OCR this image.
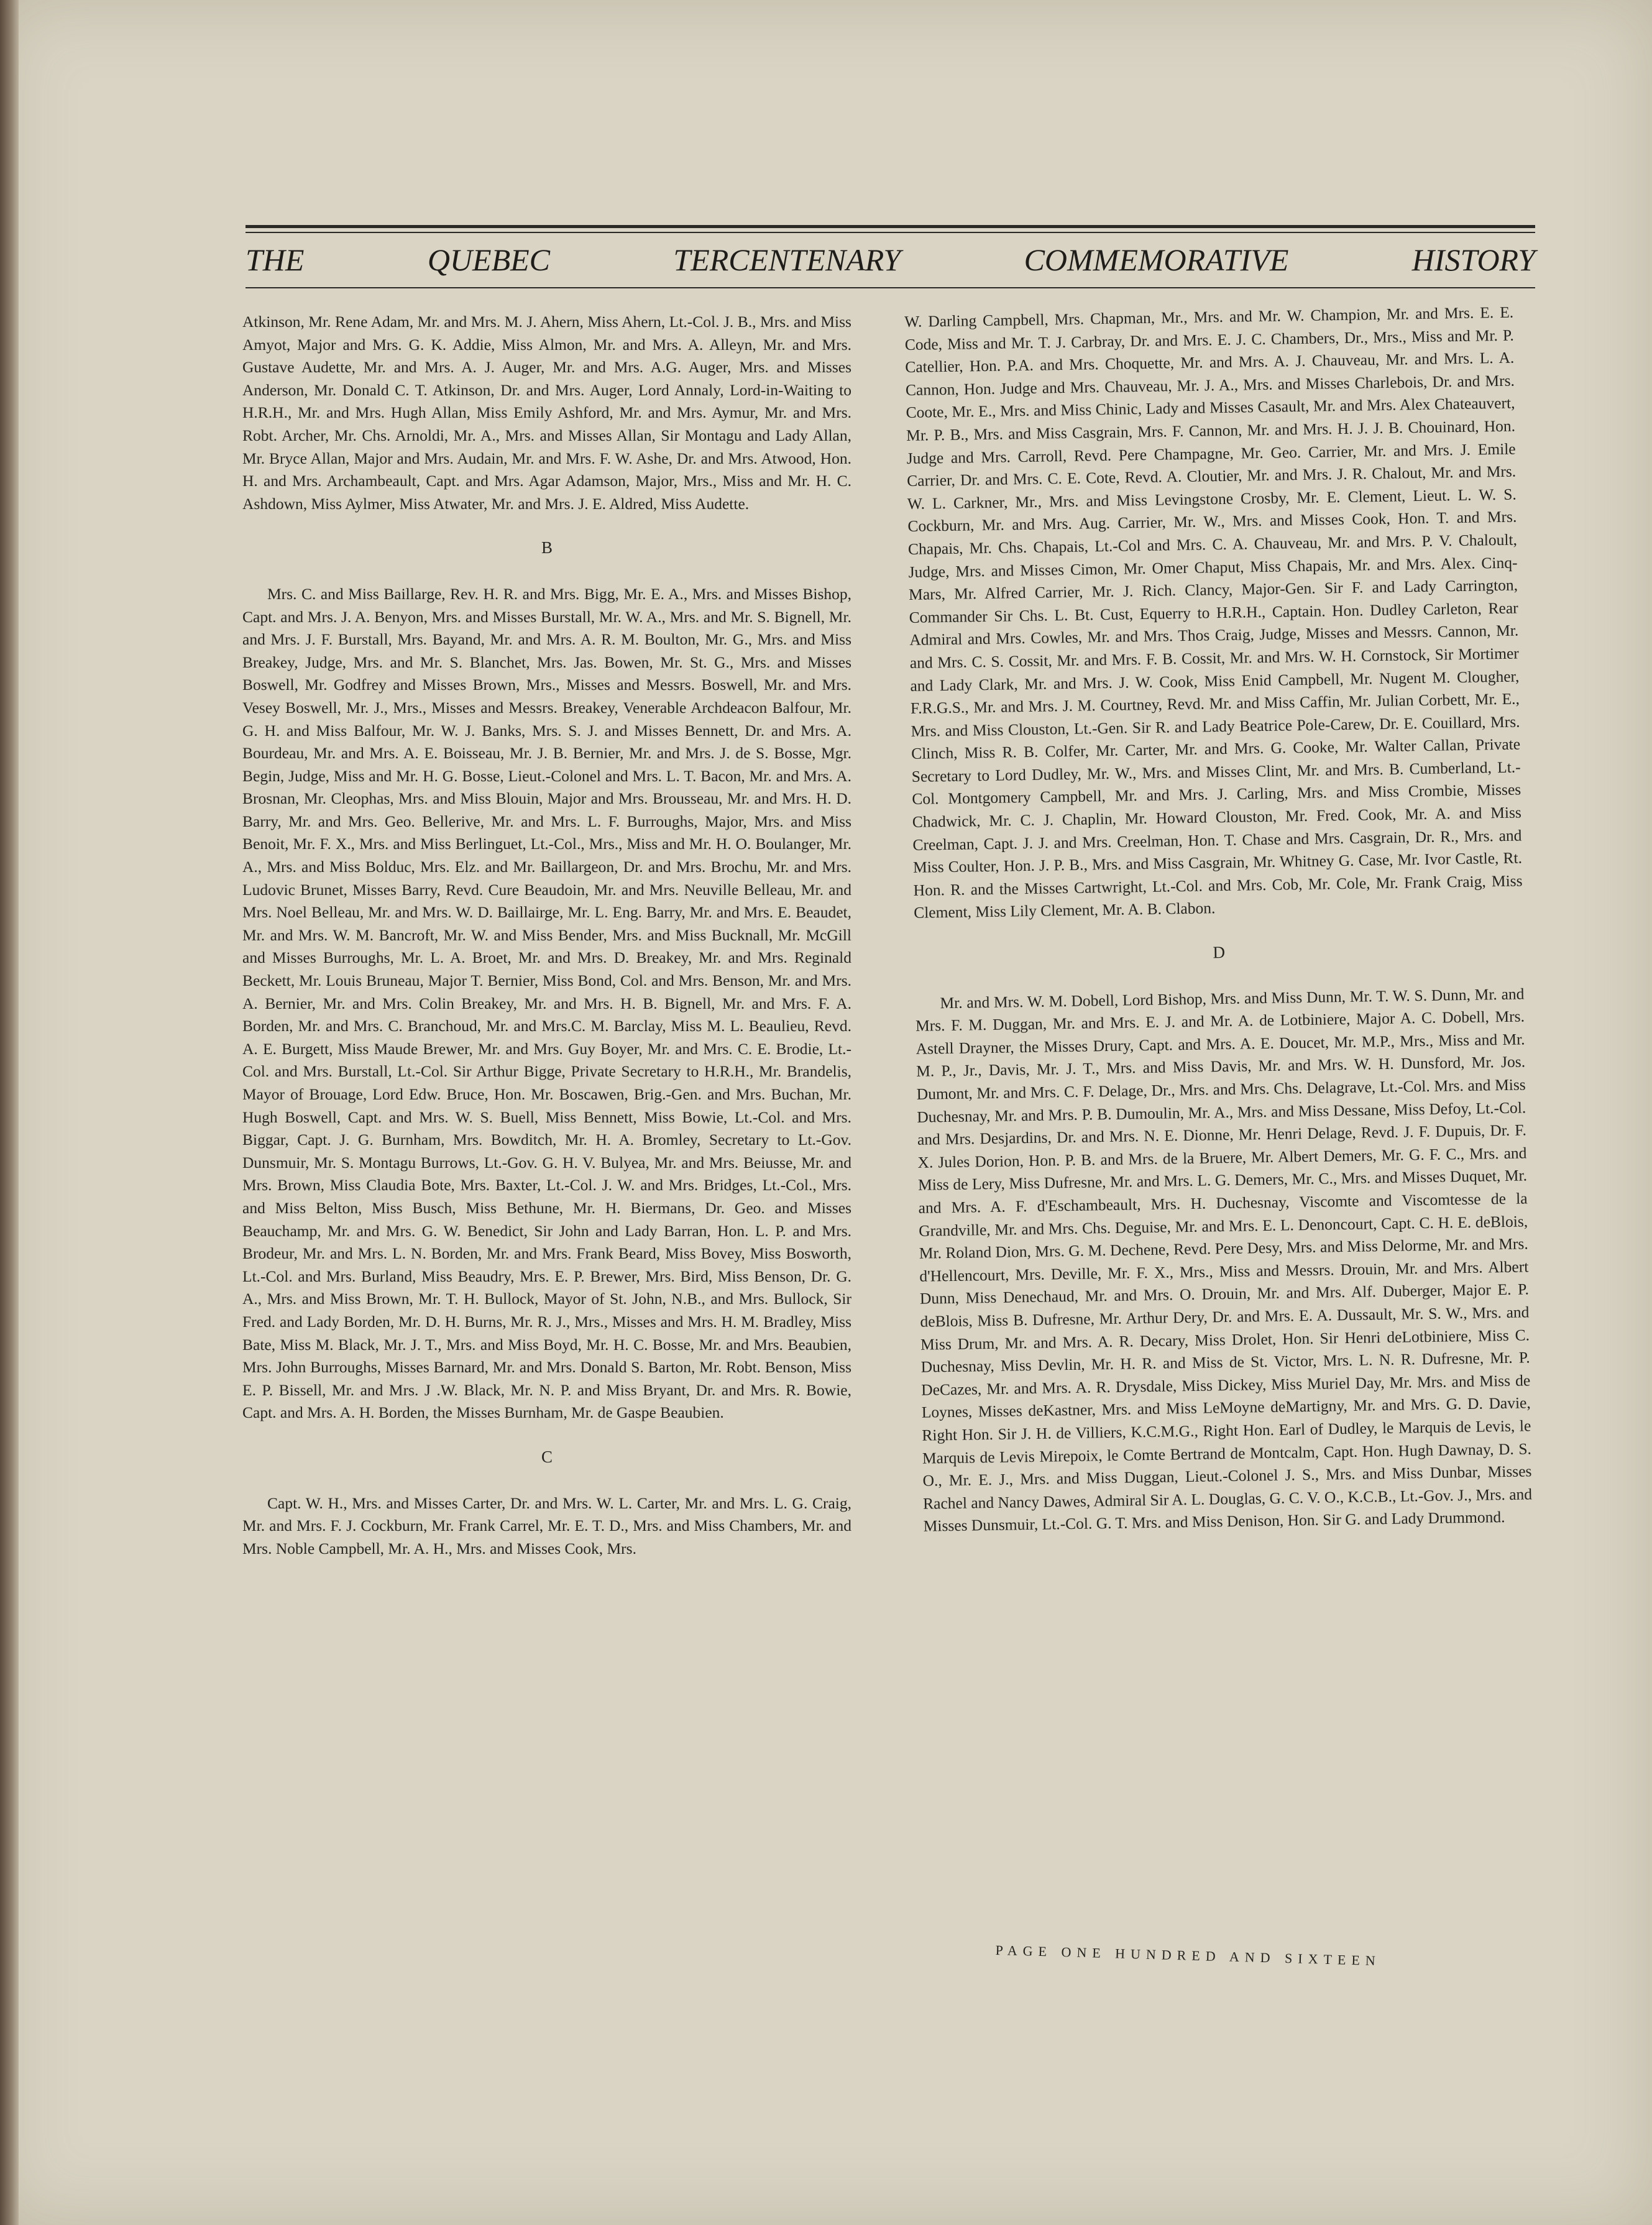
THE	QUEBEC	TERCENTENARY	COMMEMORATIVE	HISTORY

Atkinson, Mr. Rene Adam, Mr. and Mrs. M. J. Ahern, Miss Ahern, Lt.-Col. J. B., Mrs. and Miss Amyot, Major and Mrs. G. K. Addie, Miss Almon, Mr. and Mrs. A. Alleyn, Mr. and Mrs. Gustave Audette, Mr. and Mrs. A. J. Auger, Mr. and Mrs. A.G. Auger, Mrs. and Misses Anderson, Mr. Donald C. T. Atkinson, Dr. and Mrs. Auger, Lord Annaly, Lord-in-Waiting to H.R.H., Mr. and Mrs. Hugh Allan, Miss Emily Ashford, Mr. and Mrs. Aymur, Mr. and Mrs. Robt. Archer, Mr. Chs. Arnoldi, Mr. A., Mrs. and Misses Allan, Sir Montagu and Lady Allan, Mr. Bryce Allan, Major and Mrs. Audain, Mr. and Mrs. F. W. Ashe, Dr. and Mrs. Atwood, Hon. H. and Mrs. Archambeault, Capt. and Mrs. Agar Adamson, Major, Mrs., Miss and Mr. H. C. Ashdown, Miss Aylmer, Miss Atwater, Mr. and Mrs. J. E. Aldred, Miss Audette.

B

Mrs. C. and Miss Baillarge, Rev. H. R. and Mrs. Bigg, Mr. E. A., Mrs. and Misses Bishop, Capt. and Mrs. J. A. Benyon, Mrs. and Misses Burstall, Mr. W. A., Mrs. and Mr. S. Bignell, Mr. and Mrs. J. F. Burstall, Mrs. Bayand, Mr. and Mrs. A. R. M. Boulton, Mr. G., Mrs. and Miss Breakey, Judge, Mrs. and Mr. S. Blanchet, Mrs. Jas. Bowen, Mr. St. G., Mrs. and Misses Boswell, Mr. Godfrey and Misses Brown, Mrs., Misses and Messrs. Boswell, Mr. and Mrs. Vesey Boswell, Mr. J., Mrs., Misses and Messrs. Breakey, Venerable Archdeacon Balfour, Mr. G. H. and Miss Balfour, Mr. W. J. Banks, Mrs. S. J. and Misses Bennett, Dr. and Mrs. A. Bourdeau, Mr. and Mrs. A. E. Boisseau, Mr. J. B. Bernier, Mr. and Mrs. J. de S. Bosse, Mgr. Begin, Judge, Miss and Mr. H. G. Bosse, Lieut.-Colonel and Mrs. L. T. Bacon, Mr. and Mrs. A. Brosnan, Mr. Cleophas, Mrs. and Miss Blouin, Major and Mrs. Brousseau, Mr. and Mrs. H. D. Barry, Mr. and Mrs. Geo. Bellerive, Mr. and Mrs. L. F. Burroughs, Major, Mrs. and Miss Benoit, Mr. F. X., Mrs. and Miss Berlinguet, Lt.-Col., Mrs., Miss and Mr. H. O. Boulanger, Mr. A., Mrs. and Miss Bolduc, Mrs. Elz. and Mr. Baillargeon, Dr. and Mrs. Brochu, Mr. and Mrs. Ludovic Brunet, Misses Barry, Revd. Cure Beaudoin, Mr. and Mrs. Neuville Belleau, Mr. and Mrs. Noel Belleau, Mr. and Mrs. W. D. Baillairge, Mr. L. Eng. Barry, Mr. and Mrs. E. Beaudet, Mr. and Mrs. W. M. Bancroft, Mr. W. and Miss Bender, Mrs. and Miss Bucknall, Mr. McGill and Misses Burroughs, Mr. L. A. Broet, Mr. and Mrs. D. Breakey, Mr. and Mrs. Reginald Beckett, Mr. Louis Bruneau, Major T. Bernier, Miss Bond, Col. and Mrs. Benson, Mr. and Mrs. A. Bernier, Mr. and Mrs. Colin Breakey, Mr. and Mrs. H. B. Bignell, Mr. and Mrs. F. A. Borden, Mr. and Mrs. C. Branchoud, Mr. and Mrs.C. M. Barclay, Miss M. L. Beaulieu, Revd. A. E. Burgett, Miss Maude Brewer, Mr. and Mrs. Guy Boyer, Mr. and Mrs. C. E. Brodie, Lt.-Col. and Mrs. Burstall, Lt.-Col. Sir Arthur Bigge, Private Secretary to H.R.H., Mr. Brandelis, Mayor of Brouage, Lord Edw. Bruce, Hon. Mr. Boscawen, Brig.-Gen. and Mrs. Buchan, Mr. Hugh Boswell, Capt. and Mrs. W. S. Buell, Miss Bennett, Miss Bowie, Lt.-Col. and Mrs. Biggar, Capt. J. G. Burnham, Mrs. Bowditch, Mr. H. A. Bromley, Secretary to Lt.-Gov. Dunsmuir, Mr. S. Montagu Burrows, Lt.-Gov. G. H. V. Bulyea, Mr. and Mrs. Beiusse, Mr. and Mrs. Brown, Miss Claudia Bote, Mrs. Baxter, Lt.-Col. J. W. and Mrs. Bridges, Lt.-Col., Mrs. and Miss Belton, Miss Busch, Miss Bethune, Mr. H. Biermans, Dr. Geo. and Misses Beauchamp, Mr. and Mrs. G. W. Benedict, Sir John and Lady Barran, Hon. L. P. and Mrs. Brodeur, Mr. and Mrs. L. N. Borden, Mr. and Mrs. Frank Beard, Miss Bovey, Miss Bosworth, Lt.-Col. and Mrs. Burland, Miss Beaudry, Mrs. E. P. Brewer, Mrs. Bird, Miss Benson, Dr. G. A., Mrs. and Miss Brown, Mr. T. H. Bullock, Mayor of St. John, N.B., and Mrs. Bullock, Sir Fred. and Lady Borden, Mr. D. H. Burns, Mr. R. J., Mrs., Misses and Mrs. H. M. Bradley, Miss Bate, Miss M. Black, Mr. J. T., Mrs. and Miss Boyd, Mr. H. C. Bosse, Mr. and Mrs. Beaubien, Mrs. John Burroughs, Misses Barnard, Mr. and Mrs. Donald S. Barton, Mr. Robt. Benson, Miss E. P. Bissell, Mr. and Mrs. J .W. Black, Mr. N. P. and Miss Bryant, Dr. and Mrs. R. Bowie, Capt. and Mrs. A. H. Borden, the Misses Burnham, Mr. de Gaspe Beaubien.

C

Capt. W. H., Mrs. and Misses Carter, Dr. and Mrs. W. L. Carter, Mr. and Mrs. L. G. Craig, Mr. and Mrs. F. J. Cockburn, Mr. Frank Carrel, Mr. E. T. D., Mrs. and Miss Chambers, Mr. and Mrs. Noble Campbell, Mr. A. H., Mrs. and Misses Cook, Mrs.

W. Darling Campbell, Mrs. Chapman, Mr., Mrs. and Mr. W. Champion, Mr. and Mrs. E. E. Code, Miss and Mr. T. J. Carbray, Dr. and Mrs. E. J. C. Chambers, Dr., Mrs., Miss and Mr. P. Catellier, Hon. P.A. and Mrs. Choquette, Mr. and Mrs. A. J. Chauveau, Mr. and Mrs. L. A. Cannon, Hon. Judge and Mrs. Chauveau, Mr. J. A., Mrs. and Misses Charlebois, Dr. and Mrs. Coote, Mr. E., Mrs. and Miss Chinic, Lady and Misses Casault, Mr. and Mrs. Alex Chateauvert, Mr. P. B., Mrs. and Miss Casgrain, Mrs. F. Cannon, Mr. and Mrs. H. J. J. B. Chouinard, Hon. Judge and Mrs. Carroll, Revd. Pere Champagne, Mr. Geo. Carrier, Mr. and Mrs. J. Emile Carrier, Dr. and Mrs. C. E. Cote, Revd. A. Cloutier, Mr. and Mrs. J. R. Chalout, Mr. and Mrs. W. L. Carkner, Mr., Mrs. and Miss Levingstone Crosby, Mr. E. Clement, Lieut. L. W. S. Cockburn, Mr. and Mrs. Aug. Carrier, Mr. W., Mrs. and Misses Cook, Hon. T. and Mrs. Chapais, Mr. Chs. Chapais, Lt.-Col and Mrs. C. A. Chauveau, Mr. and Mrs. P. V. Chaloult, Judge, Mrs. and Misses Cimon, Mr. Omer Chaput, Miss Chapais, Mr. and Mrs. Alex. Cinq-Mars, Mr. Alfred Carrier, Mr. J. Rich. Clancy, Major-Gen. Sir F. and Lady Carrington, Commander Sir Chs. L. Bt. Cust, Equerry to H.R.H., Captain. Hon. Dudley Carleton, Rear Admiral and Mrs. Cowles, Mr. and Mrs. Thos Craig, Judge, Misses and Messrs. Cannon, Mr. and Mrs. C. S. Cossit, Mr. and Mrs. F. B. Cossit, Mr. and Mrs. W. H. Cornstock, Sir Mortimer and Lady Clark, Mr. and Mrs. J. W. Cook, Miss Enid Campbell, Mr. Nugent M. Clougher, F.R.G.S., Mr. and Mrs. J. M. Courtney, Revd. Mr. and Miss Caffin, Mr. Julian Corbett, Mr. E., Mrs. and Miss Clouston, Lt.-Gen. Sir R. and Lady Beatrice Pole-Carew, Dr. E. Couillard, Mrs. Clinch, Miss R. B. Colfer, Mr. Carter, Mr. and Mrs. G. Cooke, Mr. Walter Callan, Private Secretary to Lord Dudley, Mr. W., Mrs. and Misses Clint, Mr. and Mrs. B. Cumberland, Lt.-Col. Montgomery Campbell, Mr. and Mrs. J. Carling, Mrs. and Miss Crombie, Misses Chadwick, Mr. C. J. Chaplin, Mr. Howard Clouston, Mr. Fred. Cook, Mr. A. and Miss Creelman, Capt. J. J. and Mrs. Creelman, Hon. T. Chase and Mrs. Casgrain, Dr. R., Mrs. and Miss Coulter, Hon. J. P. B., Mrs. and Miss Casgrain, Mr. Whitney G. Case, Mr. Ivor Castle, Rt. Hon. R. and the Misses Cartwright, Lt.-Col. and Mrs. Cob, Mr. Cole, Mr. Frank Craig, Miss Clement, Miss Lily Clement, Mr. A. B. Clabon.

D

Mr. and Mrs. W. M. Dobell, Lord Bishop, Mrs. and Miss Dunn, Mr. T. W. S. Dunn, Mr. and Mrs. F. M. Duggan, Mr. and Mrs. E. J. and Mr. A. de Lotbiniere, Major A. C. Dobell, Mrs. Astell Drayner, the Misses Drury, Capt. and Mrs. A. E. Doucet, Mr. M.P., Mrs., Miss and Mr. M. P., Jr., Davis, Mr. J. T., Mrs. and Miss Davis, Mr. and Mrs. W. H. Dunsford, Mr. Jos. Dumont, Mr. and Mrs. C. F. Delage, Dr., Mrs. and Mrs. Chs. Delagrave, Lt.-Col. Mrs. and Miss Duchesnay, Mr. and Mrs. P. B. Dumoulin, Mr. A., Mrs. and Miss Dessane, Miss Defoy, Lt.-Col. and Mrs. Desjardins, Dr. and Mrs. N. E. Dionne, Mr. Henri Delage, Revd. J. F. Dupuis, Dr. F. X. Jules Dorion, Hon. P. B. and Mrs. de la Bruere, Mr. Albert Demers, Mr. G. F. C., Mrs. and Miss de Lery, Miss Dufresne, Mr. and Mrs. L. G. Demers, Mr. C., Mrs. and Misses Duquet, Mr. and Mrs. A. F. d'Eschambeault, Mrs. H. Duchesnay, Viscomte and Viscomtesse de la Grandville, Mr. and Mrs. Chs. Deguise, Mr. and Mrs. E. L. Denoncourt, Capt. C. H. E. deBlois, Mr. Roland Dion, Mrs. G. M. Dechene, Revd. Pere Desy, Mrs. and Miss Delorme, Mr. and Mrs. d'Hellencourt, Mrs. Deville, Mr. F. X., Mrs., Miss and Messrs. Drouin, Mr. and Mrs. Albert Dunn, Miss Denechaud, Mr. and Mrs. O. Drouin, Mr. and Mrs. Alf. Duberger, Major E. P. deBlois, Miss B. Dufresne, Mr. Arthur Dery, Dr. and Mrs. E. A. Dussault, Mr. S. W., Mrs. and Miss Drum, Mr. and Mrs. A. R. Decary, Miss Drolet, Hon. Sir Henri deLotbiniere, Miss C. Duchesnay, Miss Devlin, Mr. H. R. and Miss de St. Victor, Mrs. L. N. R. Dufresne, Mr. P. DeCazes, Mr. and Mrs. A. R. Drysdale, Miss Dickey, Miss Muriel Day, Mr. Mrs. and Miss de Loynes, Misses deKastner, Mrs. and Miss LeMoyne deMartigny, Mr. and Mrs. G. D. Davie, Right Hon. Sir J. H. de Villiers, K.C.M.G., Right Hon. Earl of Dudley, le Marquis de Levis, le Marquis de Levis Mirepoix, le Comte Bertrand de Montcalm, Capt. Hon. Hugh Dawnay, D. S. O., Mr. E. J., Mrs. and Miss Duggan, Lieut.-Colonel J. S., Mrs. and Miss Dunbar, Misses Rachel and Nancy Dawes, Admiral Sir A. L. Douglas, G. C. V. O., K.C.B., Lt.-Gov. J., Mrs. and Misses Dunsmuir, Lt.-Col. G. T. Mrs. and Miss Denison, Hon. Sir G. and Lady Drummond.

PAGE ONE HUNDRED AND SIXTEEN
